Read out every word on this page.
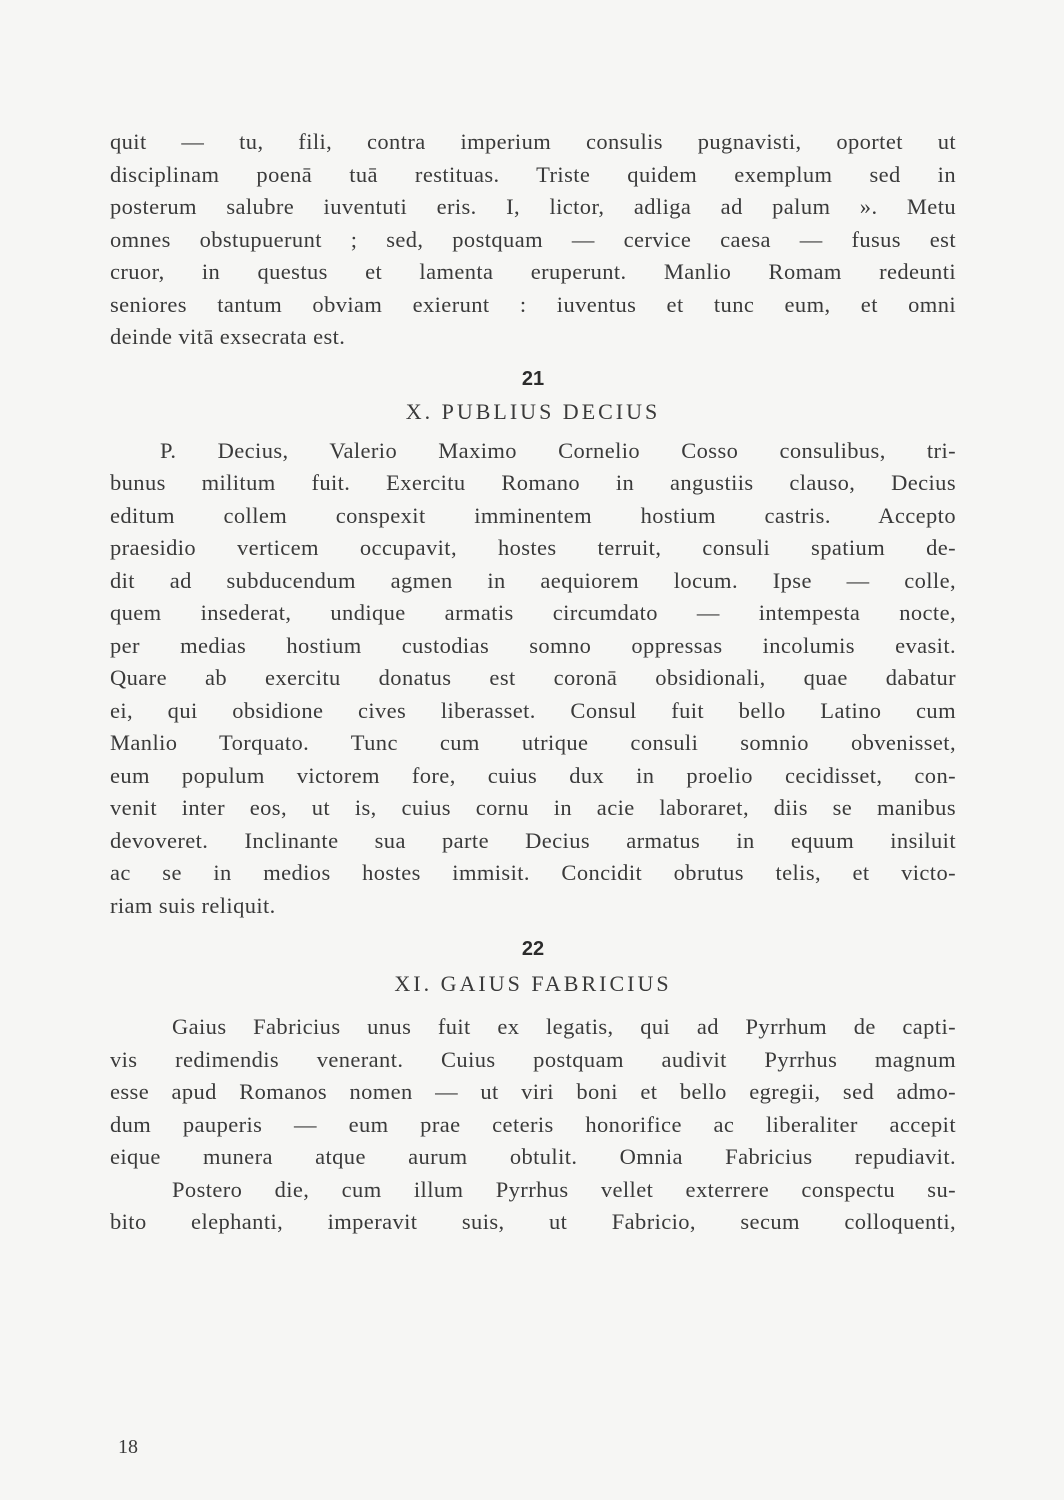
quit — tu, fili, contra imperium consulis pugnavisti, oportet ut
disciplinam poenā tuā restituas. Triste quidem exemplum sed in
posterum salubre iuventuti eris. I, lictor, adliga ad palum ». Metu
omnes obstupuerunt ; sed, postquam — cervice caesa — fusus est
cruor, in questus et lamenta eruperunt. Manlio Romam redeunti
seniores tantum obviam exierunt : iuventus et tunc eum, et omni
deinde vitā exsecrata est.

21

X. PUBLIUS DECIUS

P. Decius, Valerio Maximo Cornelio Cosso consulibus, tri-
bunus militum fuit. Exercitu Romano in angustiis clauso, Decius
editum collem conspexit imminentem hostium castris. Accepto
praesidio verticem occupavit, hostes terruit, consuli spatium de-
dit ad subducendum agmen in aequiorem locum. Ipse — colle,
quem insederat, undique armatis circumdato — intempesta nocte,
per medias hostium custodias somno oppressas incolumis evasit.
Quare ab exercitu donatus est coronā obsidionali, quae dabatur
ei, qui obsidione cives liberasset. Consul fuit bello Latino cum
Manlio Torquato. Tunc cum utrique consuli somnio obvenisset,
eum populum victorem fore, cuius dux in proelio cecidisset, con-
venit inter eos, ut is, cuius cornu in acie laboraret, diis se manibus
devoveret. Inclinante sua parte Decius armatus in equum insiluit
ac se in medios hostes immisit. Concidit obrutus telis, et victo-
riam suis reliquit.

22

XI. GAIUS FABRICIUS

Gaius Fabricius unus fuit ex legatis, qui ad Pyrrhum de capti-
vis redimendis venerant. Cuius postquam audivit Pyrrhus magnum
esse apud Romanos nomen — ut viri boni et bello egregii, sed admo-
dum pauperis — eum prae ceteris honorifice ac liberaliter accepit
eique munera atque aurum obtulit. Omnia Fabricius repudiavit.

Postero die, cum illum Pyrrhus vellet exterrere conspectu su-
bito elephanti, imperavit suis, ut Fabricio, secum colloquenti,

18
